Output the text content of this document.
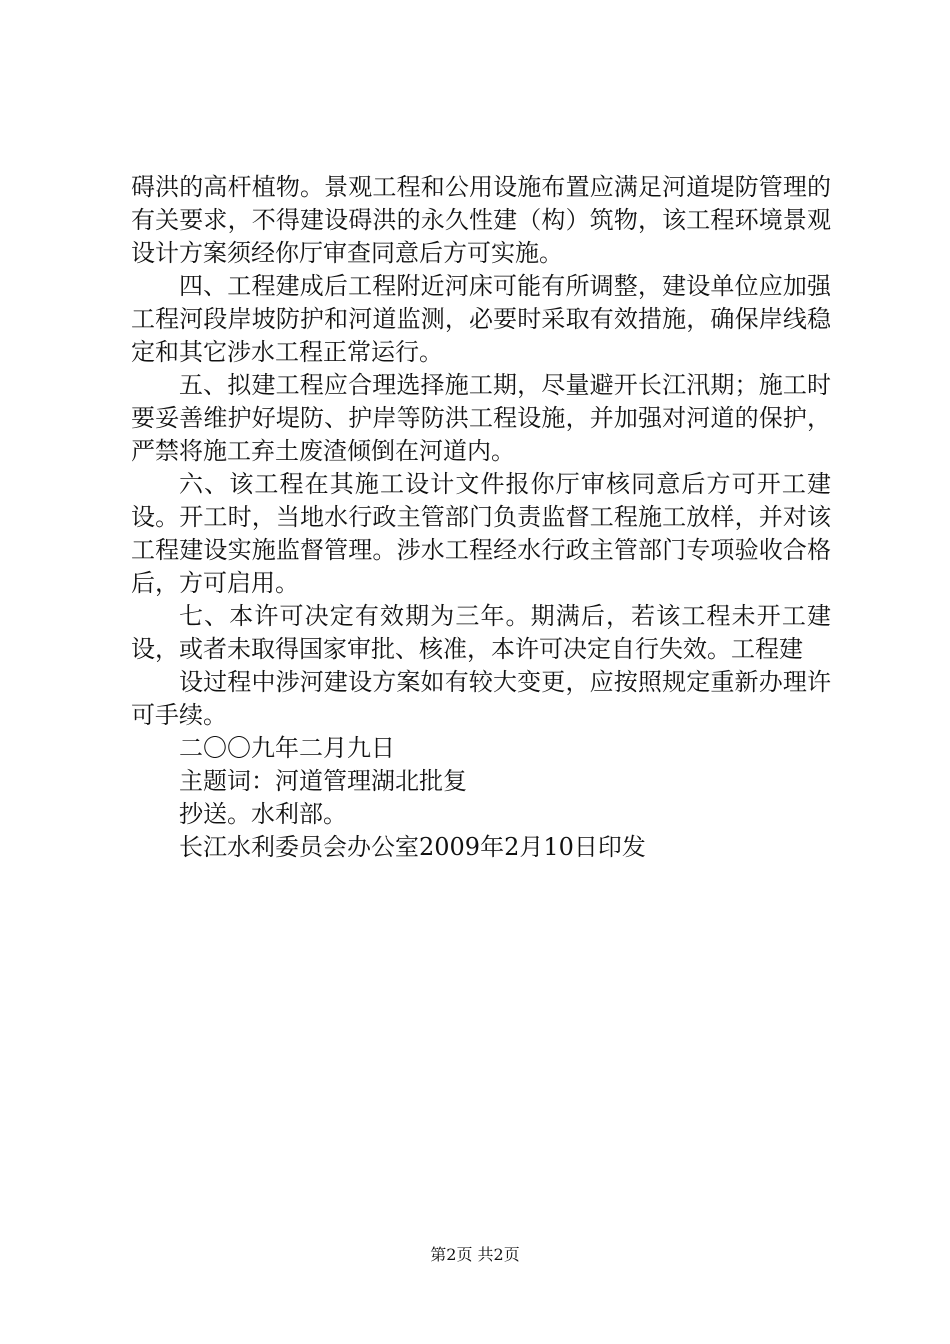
碍洪的高杆植物。景观工程和公用设施布置应满足河道堤防管理的有关要求，不得建设碍洪的永久性建（构）筑物，该工程环境景观设计方案须经你厅审查同意后方可实施。

四、工程建成后工程附近河床可能有所调整，建设单位应加强工程河段岸坡防护和河道监测，必要时采取有效措施，确保岸线稳定和其它涉水工程正常运行。

五、拟建工程应合理选择施工期，尽量避开长江汛期；施工时要妥善维护好堤防、护岸等防洪工程设施，并加强对河道的保护，严禁将施工弃土废渣倾倒在河道内。

六、该工程在其施工设计文件报你厅审核同意后方可开工建设。开工时，当地水行政主管部门负责监督工程施工放样，并对该工程建设实施监督管理。涉水工程经水行政主管部门专项验收合格后，方可启用。

七、本许可决定有效期为三年。期满后，若该工程未开工建设，或者未取得国家审批、核准，本许可决定自行失效。工程建

设过程中涉河建设方案如有较大变更，应按照规定重新办理许可手续。

二〇〇九年二月九日

主题词：河道管理湖北批复

抄送。水利部。

长江水利委员会办公室2009年2月10日印发

第2页 共2页
